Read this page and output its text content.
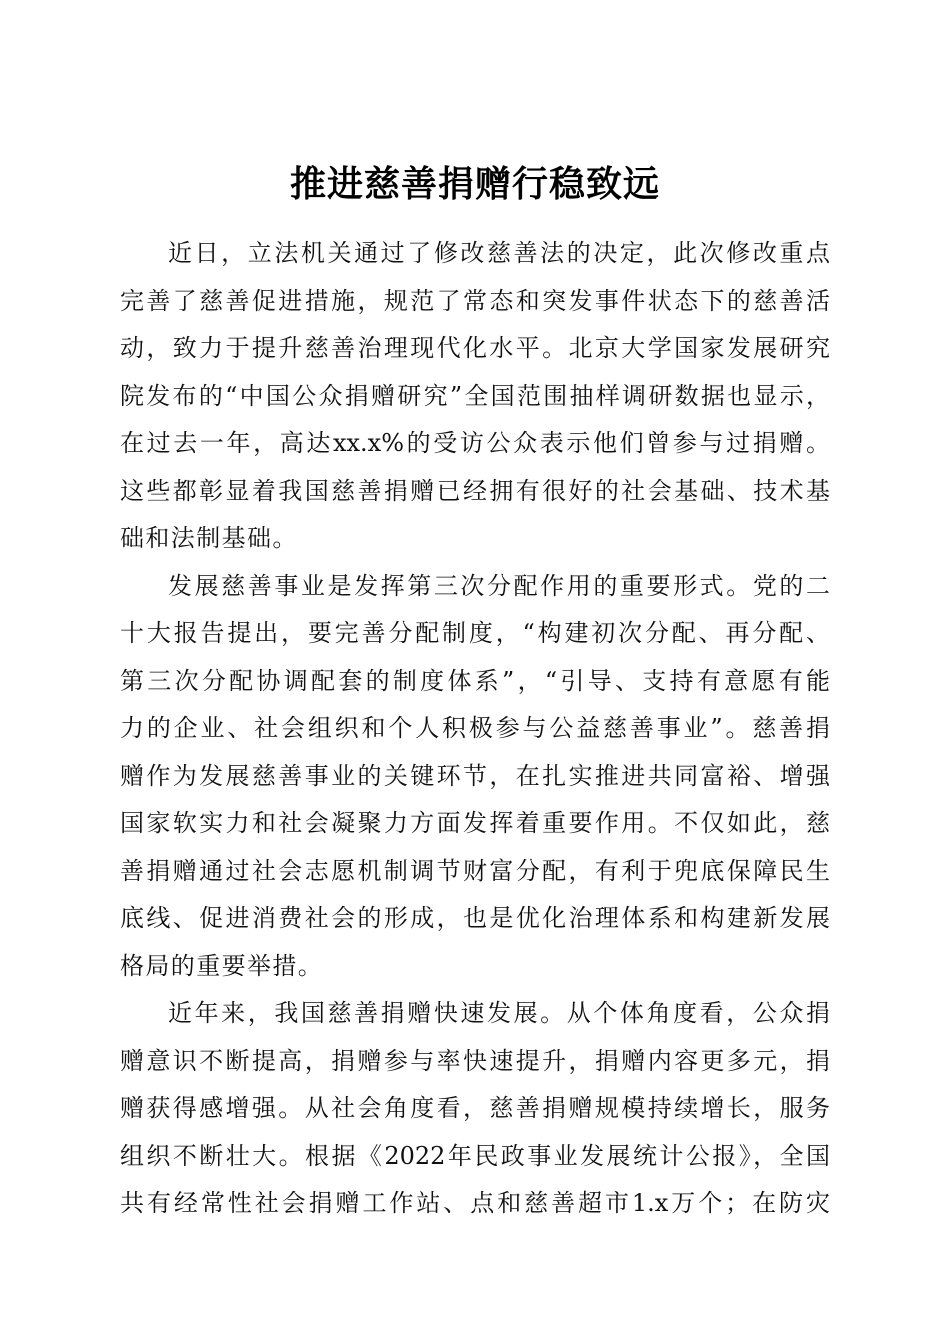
推进慈善捐赠行稳致远

近日，立法机关通过了修改慈善法的决定，此次修改重点
完善了慈善促进措施，规范了常态和突发事件状态下的慈善活
动，致力于提升慈善治理现代化水平。北京大学国家发展研究
院发布的“中国公众捐赠研究”全国范围抽样调研数据也显示，
在过去一年，高达xx.x%的受访公众表示他们曾参与过捐赠。
这些都彰显着我国慈善捐赠已经拥有很好的社会基础、技术基
础和法制基础。

发展慈善事业是发挥第三次分配作用的重要形式。党的二
十大报告提出，要完善分配制度，“构建初次分配、再分配、
第三次分配协调配套的制度体系”，“引导、支持有意愿有能
力的企业、社会组织和个人积极参与公益慈善事业”。慈善捐
赠作为发展慈善事业的关键环节，在扎实推进共同富裕、增强
国家软实力和社会凝聚力方面发挥着重要作用。不仅如此，慈
善捐赠通过社会志愿机制调节财富分配，有利于兜底保障民生
底线、促进消费社会的形成，也是优化治理体系和构建新发展
格局的重要举措。

近年来，我国慈善捐赠快速发展。从个体角度看，公众捐
赠意识不断提高，捐赠参与率快速提升，捐赠内容更多元，捐
赠获得感增强。从社会角度看，慈善捐赠规模持续增长，服务
组织不断壮大。根据《2022年民政事业发展统计公报》，全国
共有经常性社会捐赠工作站、点和慈善超市1.x万个；在防灾
